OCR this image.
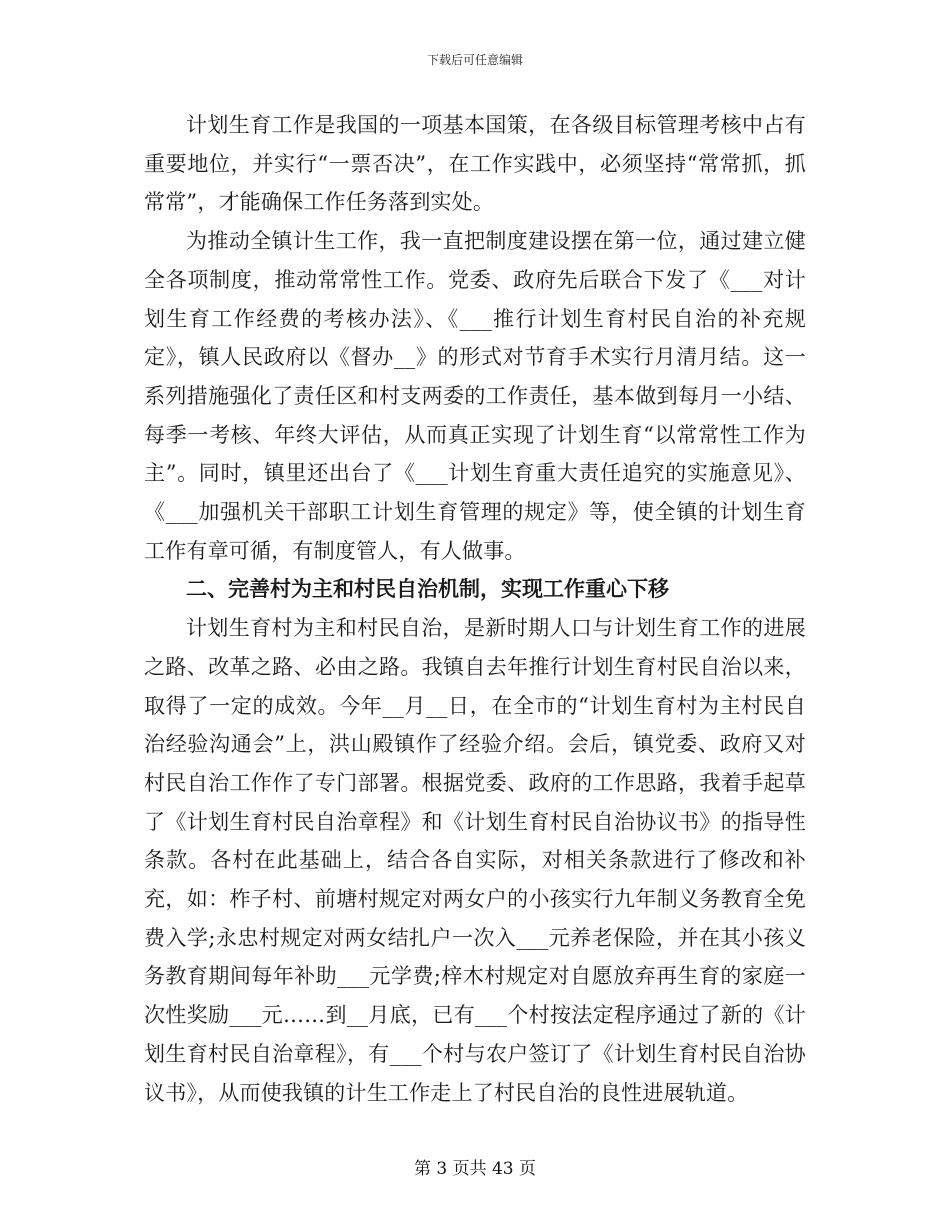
下载后可任意编辑

计划生育工作是我国的一项基本国策，在各级目标管理考核中占有重要地位，并实行“一票否决”，在工作实践中，必须坚持“常常抓，抓常常”，才能确保工作任务落到实处。

为推动全镇计生工作，我一直把制度建设摆在第一位，通过建立健全各项制度，推动常常性工作。党委、政府先后联合下发了《___对计划生育工作经费的考核办法》、《___推行计划生育村民自治的补充规定》，镇人民政府以《督办__》的形式对节育手术实行月清月结。这一系列措施强化了责任区和村支两委的工作责任，基本做到每月一小结、每季一考核、年终大评估，从而真正实现了计划生育“以常常性工作为主”。同时，镇里还出台了《___计划生育重大责任追究的实施意见》、《___加强机关干部职工计划生育管理的规定》等，使全镇的计划生育工作有章可循，有制度管人，有人做事。

二、完善村为主和村民自治机制，实现工作重心下移

计划生育村为主和村民自治，是新时期人口与计划生育工作的进展之路、改革之路、必由之路。我镇自去年推行计划生育村民自治以来，取得了一定的成效。今年__月__日，在全市的“计划生育村为主村民自治经验沟通会”上，洪山殿镇作了经验介绍。会后，镇党委、政府又对村民自治工作作了专门部署。根据党委、政府的工作思路，我着手起草了《计划生育村民自治章程》和《计划生育村民自治协议书》的指导性条款。各村在此基础上，结合各自实际，对相关条款进行了修改和补充，如：柞子村、前塘村规定对两女户的小孩实行九年制义务教育全免费入学;永忠村规定对两女结扎户一次入___元养老保险，并在其小孩义务教育期间每年补助___元学费;梓木村规定对自愿放弃再生育的家庭一次性奖励___元……到__月底，已有___个村按法定程序通过了新的《计划生育村民自治章程》，有___个村与农户签订了《计划生育村民自治协议书》，从而使我镇的计生工作走上了村民自治的良性进展轨道。

第 3 页共 43 页
